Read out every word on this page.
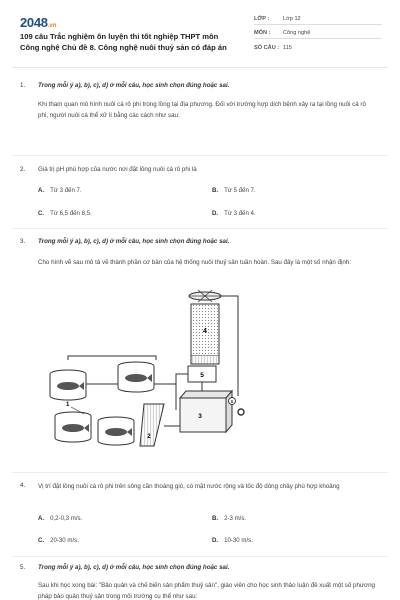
2048.vn
109 câu Trắc nghiệm ôn luyện thi tốt nghiệp THPT môn Công nghệ Chủ đề 8. Công nghệ nuôi thuỷ sản có đáp án
LỚP : Lớp 12
MÔN : Công nghệ
SỐ CÂU : 115
1. Trong mỗi ý a), b), c), d) ở mỗi câu, học sinh chọn đúng hoặc sai.
Khi tham quan mô hình nuôi cá rô phi trong lồng tại địa phương. Đối với trường hợp dịch bệnh xảy ra tại lồng nuôi cá rô phi, người nuôi cá thể xử lí bằng các cách như sau:
2. Giá trị pH phù hợp của nước nơi đặt lồng nuôi cá rô phi là
A. Từ 3 đến 7.	B. Từ 5 đến 7.
C. Từ 6,5 đến 8,5.	D. Từ 3 đến 4.
3. Trong mỗi ý a), b), c), d) ở mỗi câu, học sinh chọn đúng hoặc sai.
Cho hình vẽ sau mô tả về thành phần cơ bản của hệ thống nuôi thuỷ sản tuần hoàn. Sau đây là một số nhận định:
4
5
3
6
2
1
4. Vị trí đặt lồng nuôi cá rô phi trên sông cần thoáng gió, có mặt nước rộng và tốc độ dòng chảy phù hợp khoảng
A. 0,2-0,3 m/s.	B. 2-3 m/s.
C. 20-30 m/s.	D. 10-30 m/s.
5. Trong mỗi ý a), b), c), d) ở mỗi câu, học sinh chọn đúng hoặc sai.
Sau khi học xong bài: "Bảo quản và chế biến sản phẩm thuỷ sản", giáo viên cho học sinh thảo luận đề xuất một số phương pháp bảo quản thuỷ sản trong môi trường cụ thể như sau:
